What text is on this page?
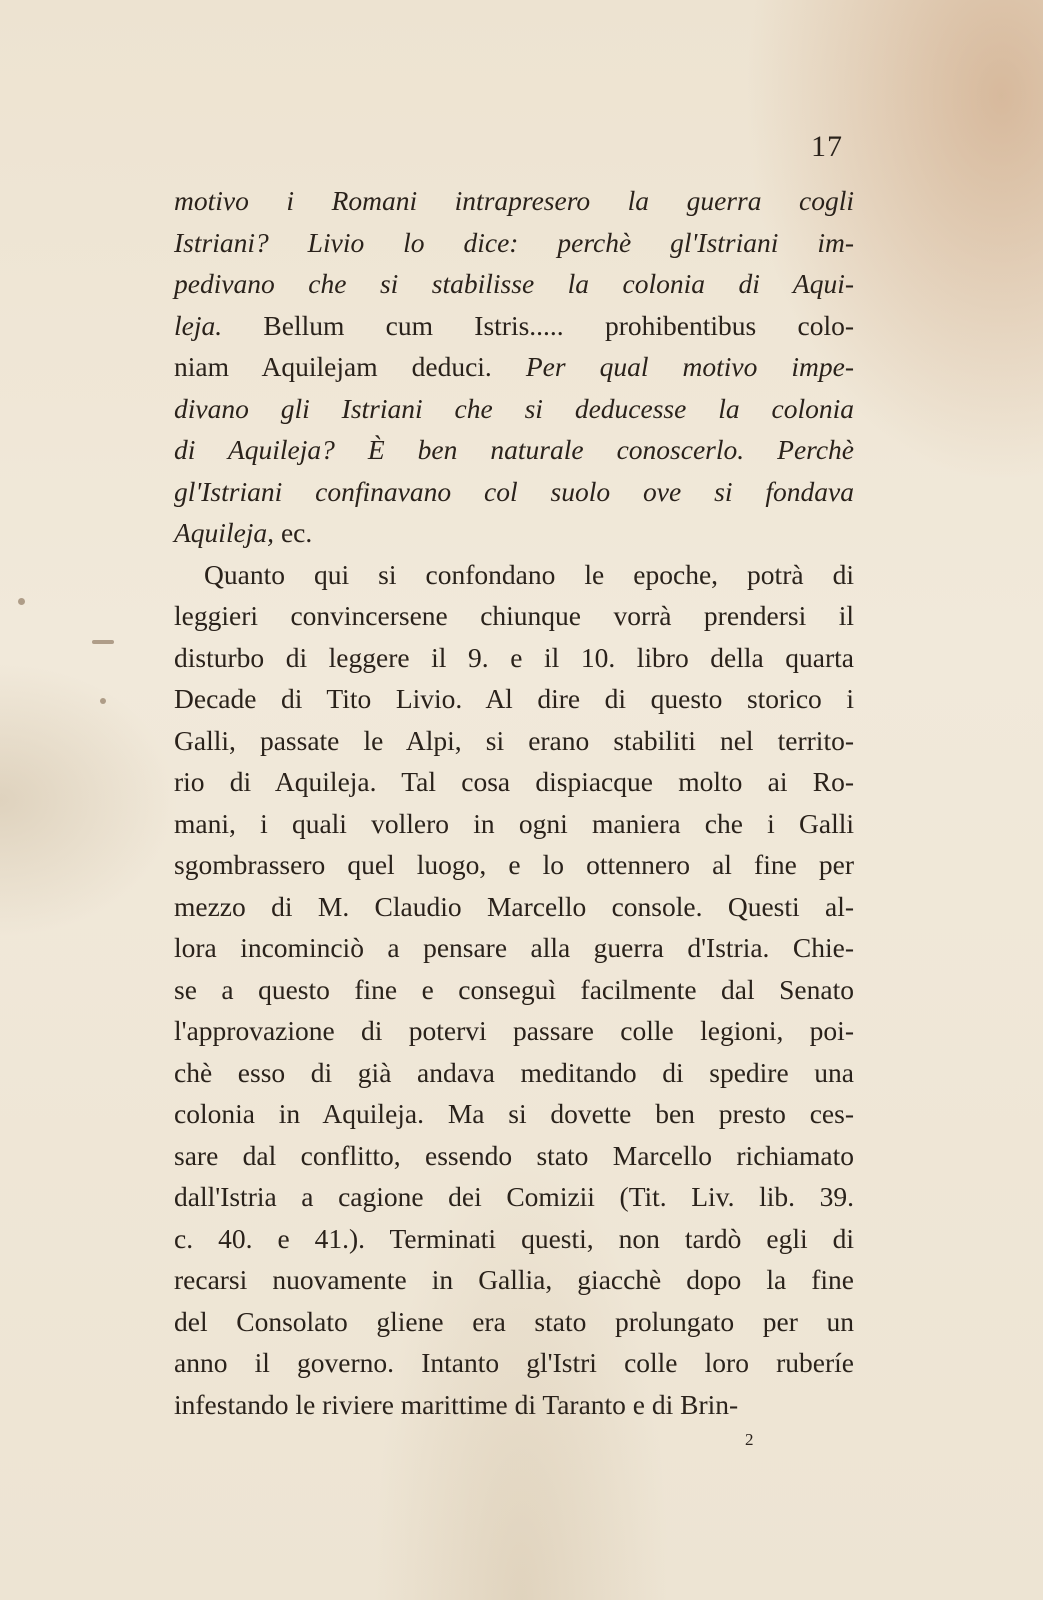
17
motivo i Romani intrapresero la guerra cogli
Istriani? Livio lo dice: perchè gl'Istriani im-
pedivano che si stabilisse la colonia di Aqui-
leja. Bellum cum Istris..... prohibentibus colo-
niam Aquilejam deduci. Per qual motivo impe-
divano gli Istriani che si deducesse la colonia
di Aquileja? È ben naturale conoscerlo. Perchè
gl'Istriani confinavano col suolo ove si fondava
Aquileja, ec.
Quanto qui si confondano le epoche, potrà di
leggieri convincersene chiunque vorrà prendersi il
disturbo di leggere il 9. e il 10. libro della quarta
Decade di Tito Livio. Al dire di questo storico i
Galli, passate le Alpi, si erano stabiliti nel territo-
rio di Aquileja. Tal cosa dispiacque molto ai Ro-
mani, i quali vollero in ogni maniera che i Galli
sgombrassero quel luogo, e lo ottennero al fine per
mezzo di M. Claudio Marcello console. Questi al-
lora incominciò a pensare alla guerra d'Istria. Chie-
se a questo fine e conseguì facilmente dal Senato
l'approvazione di potervi passare colle legioni, poi-
chè esso di già andava meditando di spedire una
colonia in Aquileja. Ma si dovette ben presto ces-
sare dal conflitto, essendo stato Marcello richiamato
dall'Istria a cagione dei Comizii (Tit. Liv. lib. 39.
c. 40. e 41.). Terminati questi, non tardò egli di
recarsi nuovamente in Gallia, giacchè dopo la fine
del Consolato gliene era stato prolungato per un
anno il governo. Intanto gl'Istri colle loro ruberíe
infestando le riviere marittime di Taranto e di Brin-
2
